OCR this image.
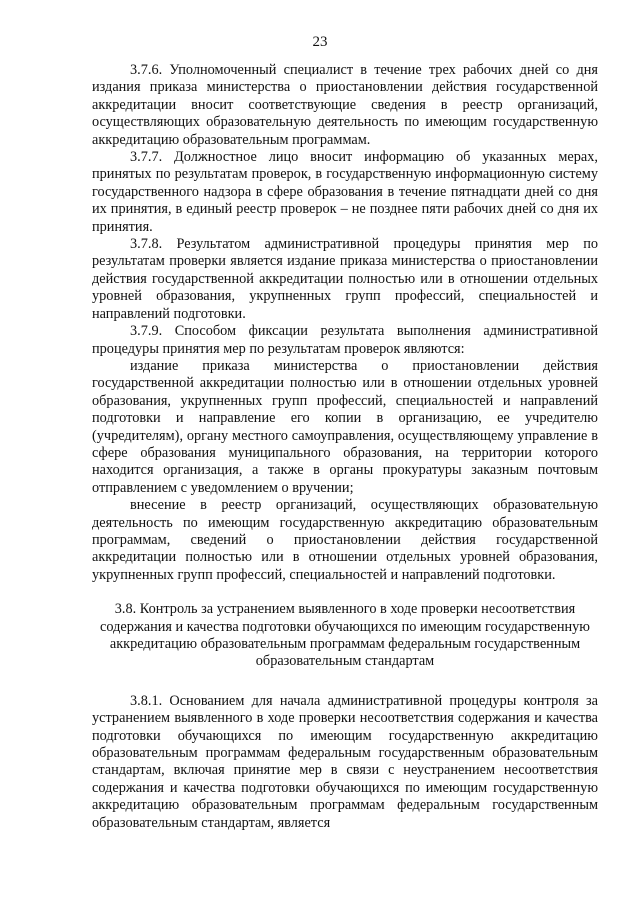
23

3.7.6. Уполномоченный специалист в течение трех рабочих дней со дня издания приказа министерства о приостановлении действия государственной аккредитации вносит соответствующие сведения в реестр организаций, осуществляющих образовательную деятельность по имеющим государственную аккредитацию образовательным программам.

3.7.7. Должностное лицо вносит информацию об указанных мерах, принятых по результатам проверок, в государственную информационную систему государственного надзора в сфере образования в течение пятнадцати дней со дня их принятия, в единый реестр проверок – не позднее пяти рабочих дней со дня их принятия.

3.7.8. Результатом административной процедуры принятия мер по результатам проверки является издание приказа министерства о приостановлении действия государственной аккредитации полностью или в отношении отдельных уровней образования, укрупненных групп профессий, специальностей и направлений подготовки.

3.7.9. Способом фиксации результата выполнения административной процедуры принятия мер по результатам проверок являются:

издание приказа министерства о приостановлении действия государственной аккредитации полностью или в отношении отдельных уровней образования, укрупненных групп профессий, специальностей и направлений подготовки и направление его копии в организацию, ее учредителю (учредителям), органу местного самоуправления, осуществляющему управление в сфере образования муниципального образования, на территории которого находится организация, а также в органы прокуратуры заказным почтовым отправлением с уведомлением о вручении;

внесение в реестр организаций, осуществляющих образовательную деятельность по имеющим государственную аккредитацию образовательным программам, сведений о приостановлении действия государственной аккредитации полностью или в отношении отдельных уровней образования, укрупненных групп профессий, специальностей и направлений подготовки.

3.8. Контроль за устранением выявленного в ходе проверки несоответствия содержания и качества подготовки обучающихся по имеющим государственную аккредитацию образовательным программам федеральным государственным образовательным стандартам

3.8.1. Основанием для начала административной процедуры контроля за устранением выявленного в ходе проверки несоответствия содержания и качества подготовки обучающихся по имеющим государственную аккредитацию образовательным программам федеральным государственным образовательным стандартам, включая принятие мер в связи с неустранением несоответствия содержания и качества подготовки обучающихся по имеющим государственную аккредитацию образовательным программам федеральным государственным образовательным стандартам, является
